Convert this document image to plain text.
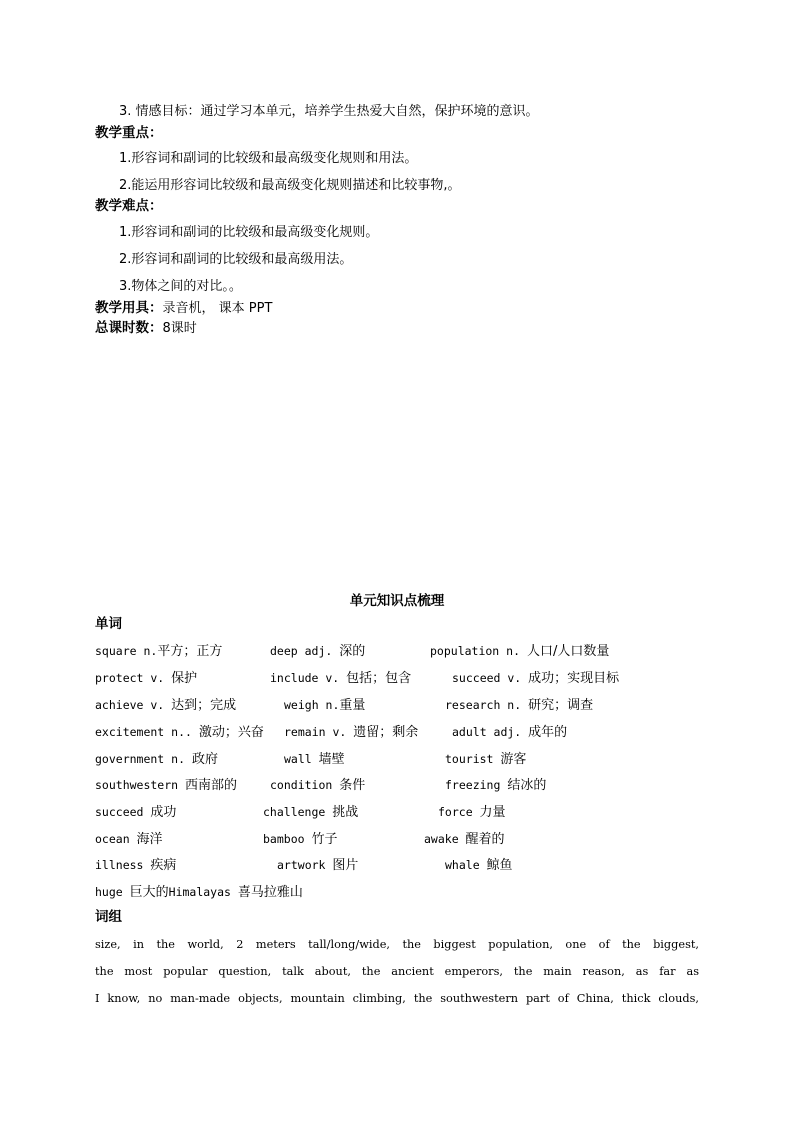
3. 情感目标：通过学习本单元，培养学生热爱大自然，保护环境的意识。
教学重点：
1.形容词和副词的比较级和最高级变化规则和用法。
2.能运用形容词比较级和最高级变化规则描述和比较事物,。
教学难点：
1.形容词和副词的比较级和最高级变化规则。
2.形容词和副词的比较级和最高级用法。
3.物体之间的对比。。
教学用具：录音机， 课本 PPT
总课时数：8课时
单元知识点梳理
单词
square n.平方；正方	deep adj. 深的	population n. 人口/人口数量
protect v. 保护	include v. 包括；包含	succeed v. 成功；实现目标
achieve v. 达到；完成	weigh n.重量	research n. 研究；调查
excitement n.. 激动；兴奋 remain v. 遗留；剩余	adult adj. 成年的
government n. 政府	wall 墙壁	tourist 游客
southwestern 西南部的	condition 条件	freezing 结冰的
succeed 成功	challenge 挑战	force 力量
ocean 海洋	bamboo 竹子	awake 醒着的
illness 疾病	artwork 图片	whale 鲸鱼
huge 巨大的Himalayas 喜马拉雅山
词组
size, in the world, 2 meters tall/long/wide, the biggest population, one of the biggest,
the most popular question, talk about, the ancient emperors, the main reason, as far as
I know, no man-made objects, mountain climbing, the southwestern part of China, thick clouds,
